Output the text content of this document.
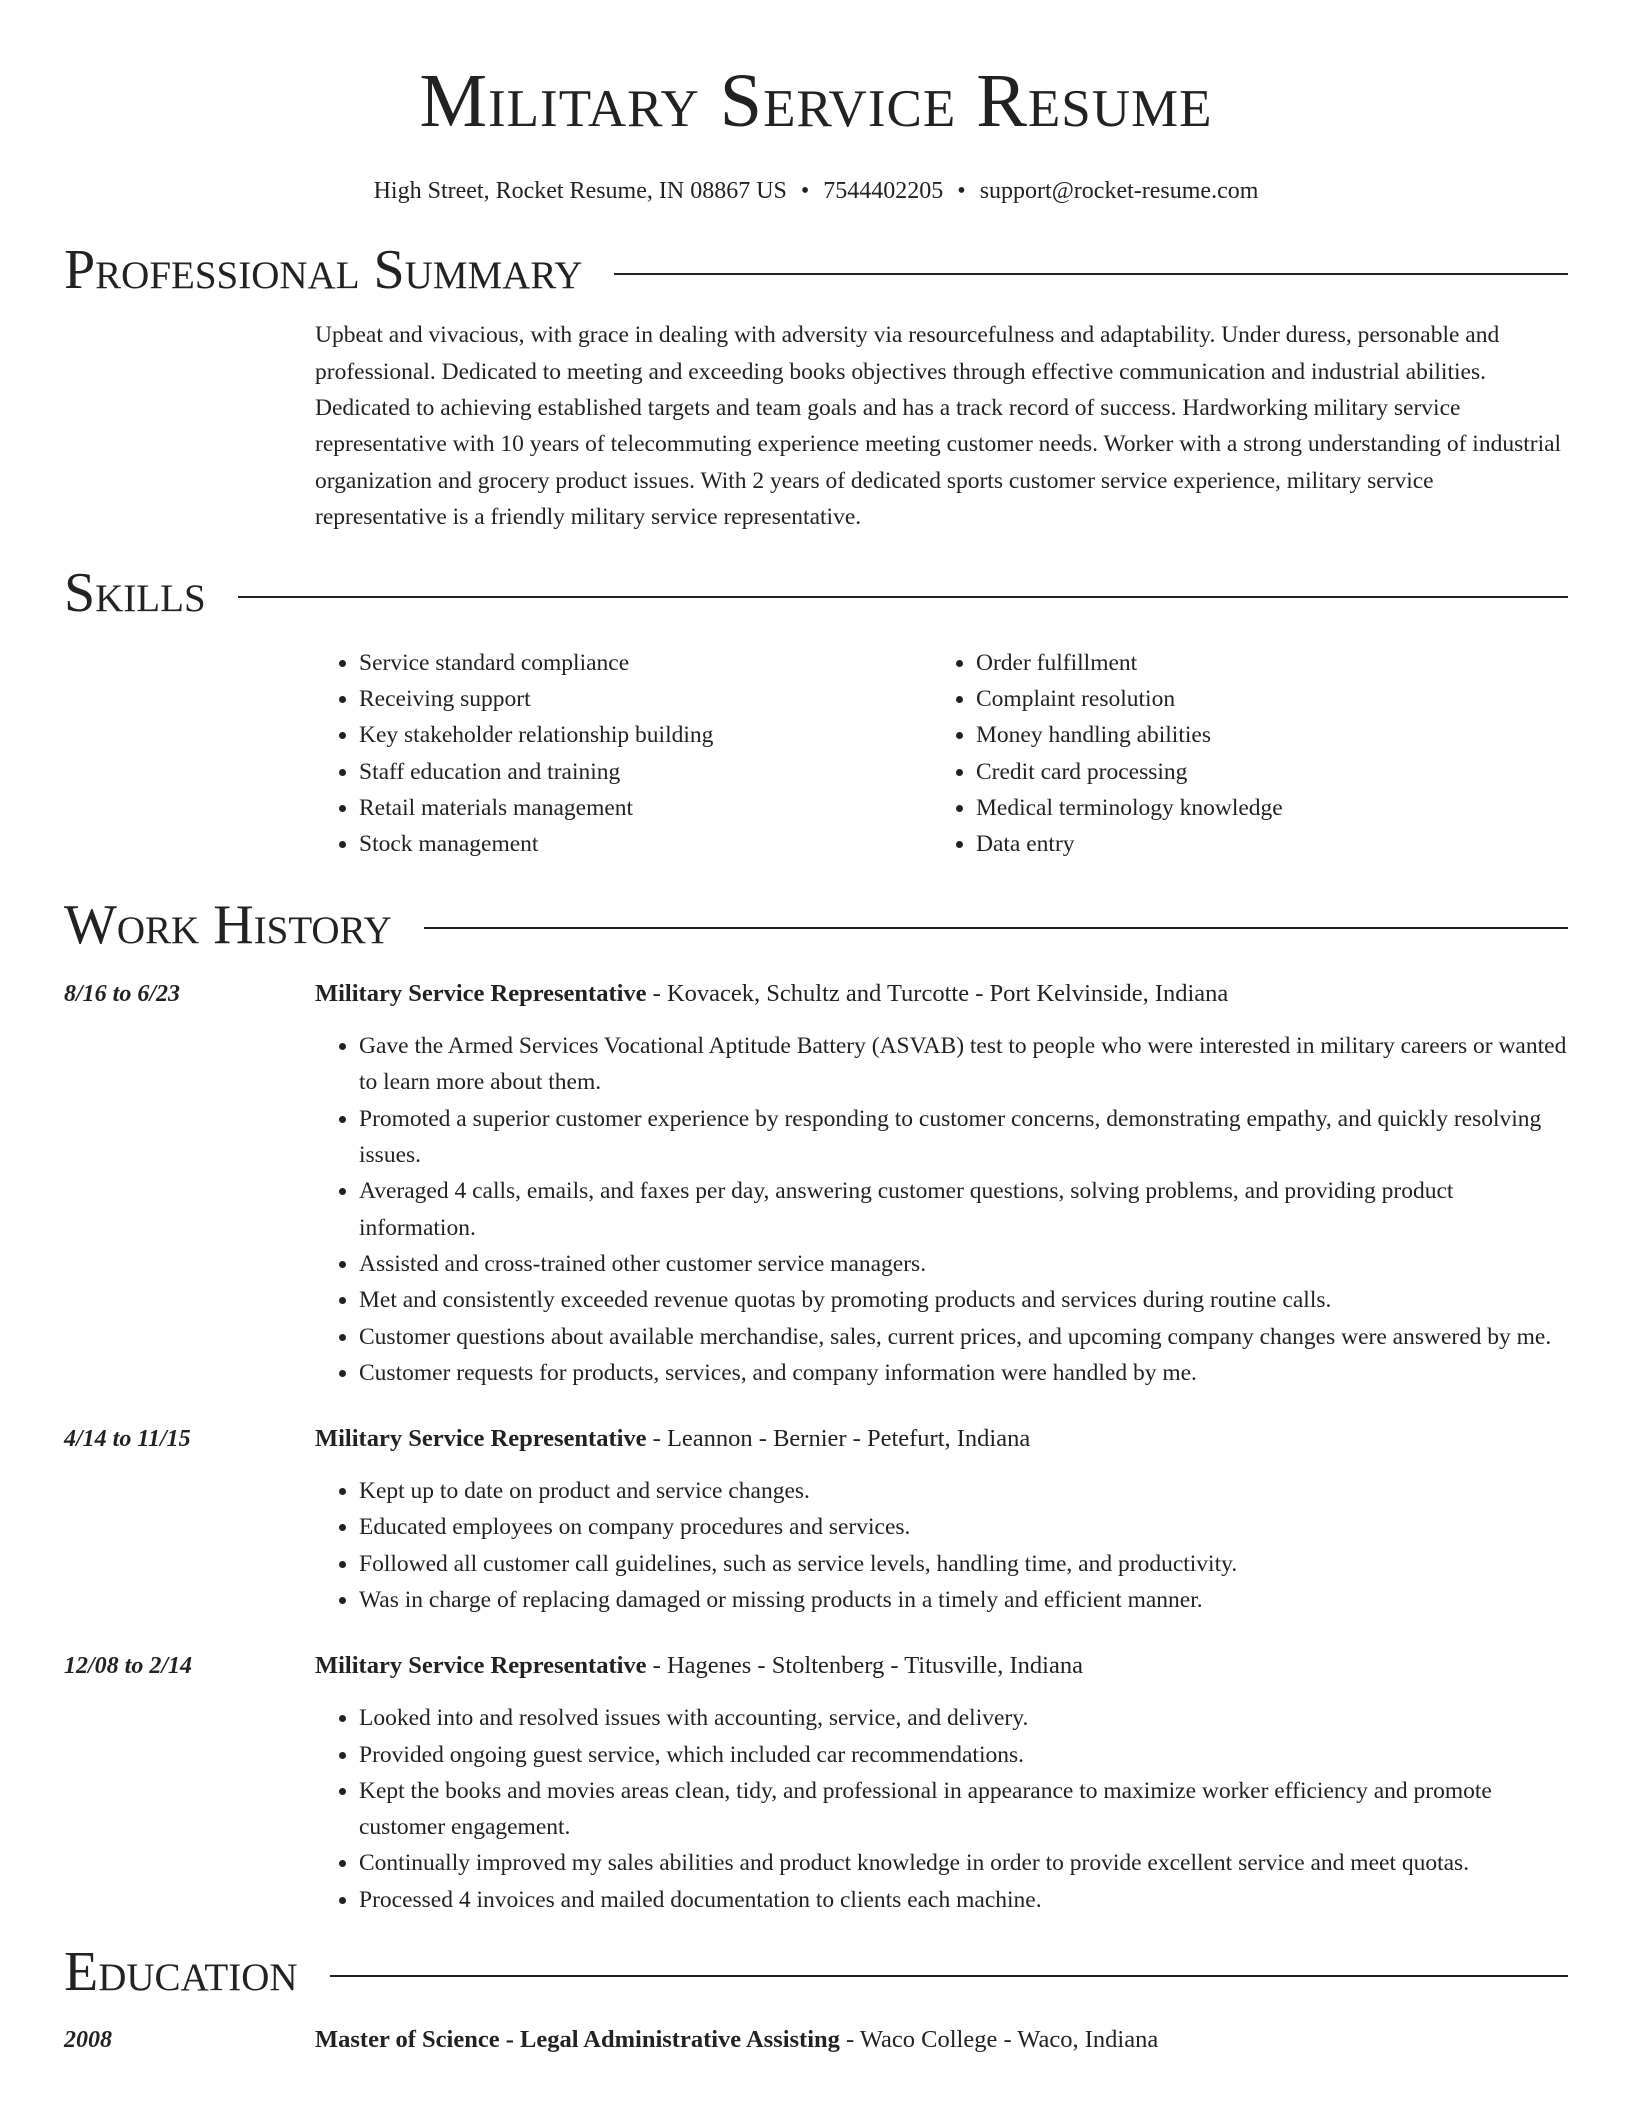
Military Service Resume
High Street, Rocket Resume, IN 08867 US • 7544402205 • support@rocket-resume.com
Professional Summary
Upbeat and vivacious, with grace in dealing with adversity via resourcefulness and adaptability. Under duress, personable and professional. Dedicated to meeting and exceeding books objectives through effective communication and industrial abilities. Dedicated to achieving established targets and team goals and has a track record of success. Hardworking military service representative with 10 years of telecommuting experience meeting customer needs. Worker with a strong understanding of industrial organization and grocery product issues. With 2 years of dedicated sports customer service experience, military service representative is a friendly military service representative.
Skills
• Service standard compliance
• Receiving support
• Key stakeholder relationship building
• Staff education and training
• Retail materials management
• Stock management
• Order fulfillment
• Complaint resolution
• Money handling abilities
• Credit card processing
• Medical terminology knowledge
• Data entry
Work History
8/16 to 6/23	Military Service Representative - Kovacek, Schultz and Turcotte - Port Kelvinside, Indiana
• Gave the Armed Services Vocational Aptitude Battery (ASVAB) test to people who were interested in military careers or wanted to learn more about them.
• Promoted a superior customer experience by responding to customer concerns, demonstrating empathy, and quickly resolving issues.
• Averaged 4 calls, emails, and faxes per day, answering customer questions, solving problems, and providing product information.
• Assisted and cross-trained other customer service managers.
• Met and consistently exceeded revenue quotas by promoting products and services during routine calls.
• Customer questions about available merchandise, sales, current prices, and upcoming company changes were answered by me.
• Customer requests for products, services, and company information were handled by me.
4/14 to 11/15	Military Service Representative - Leannon - Bernier - Petefurt, Indiana
• Kept up to date on product and service changes.
• Educated employees on company procedures and services.
• Followed all customer call guidelines, such as service levels, handling time, and productivity.
• Was in charge of replacing damaged or missing products in a timely and efficient manner.
12/08 to 2/14	Military Service Representative - Hagenes - Stoltenberg - Titusville, Indiana
• Looked into and resolved issues with accounting, service, and delivery.
• Provided ongoing guest service, which included car recommendations.
• Kept the books and movies areas clean, tidy, and professional in appearance to maximize worker efficiency and promote customer engagement.
• Continually improved my sales abilities and product knowledge in order to provide excellent service and meet quotas.
• Processed 4 invoices and mailed documentation to clients each machine.
Education
2008	Master of Science - Legal Administrative Assisting - Waco College - Waco, Indiana
